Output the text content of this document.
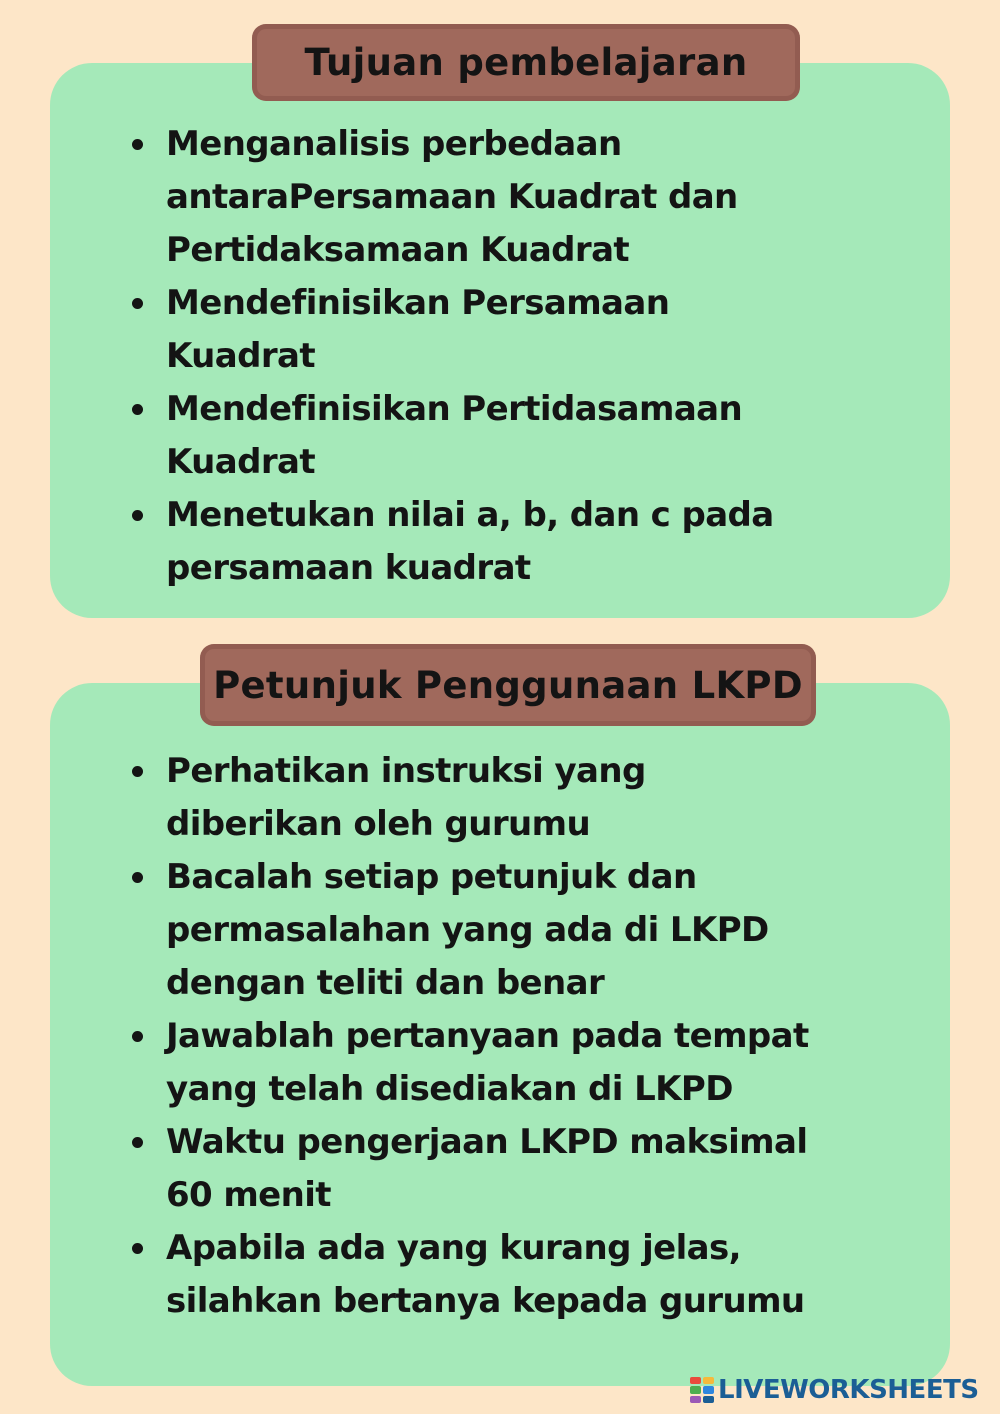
Tujuan pembelajaran
Menganalisis perbedaan
antaraPersamaan Kuadrat dan
Pertidaksamaan Kuadrat
Mendefinisikan Persamaan
Kuadrat
Mendefinisikan Pertidasamaan
Kuadrat
Menetukan nilai a, b, dan c pada
persamaan kuadrat
Petunjuk Penggunaan LKPD
Perhatikan instruksi yang
diberikan oleh gurumu
Bacalah setiap petunjuk dan
permasalahan yang ada di LKPD
dengan teliti dan benar
Jawablah pertanyaan pada tempat
yang telah disediakan di LKPD
Waktu pengerjaan LKPD maksimal
60 menit
Apabila ada yang kurang jelas,
silahkan bertanya kepada gurumu
LIVEWORKSHEETS
